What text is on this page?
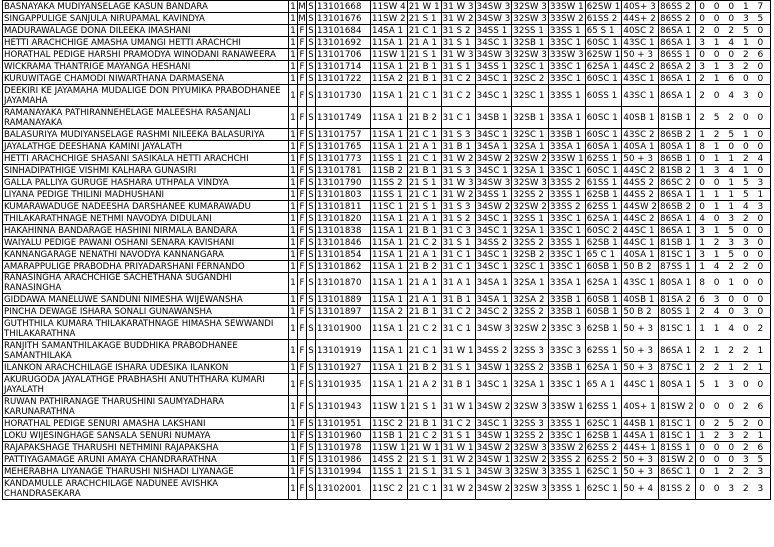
BASNAYAKA MUDIYANSELAGE KASUN BANDARA	1	M	S	13101668	11SW 4	21 W 1	31 W 3	34SW 3	32SW 3	33SW 1	62SW 1	40S+ 3	86SS 2	0 0 0 1 7
SINGAPPULIGE SANJULA NIRUPAMAL KAVINDYA	1	M	S	13101676	11SW 2	21 S 1	31 W 2	34SW 3	32SW 3	33SW 2	61SS 2	44S+ 2	86SS 2	0 0 0 3 5
MADURAWALAGE DONA DILEEKA IMASHANI	1	F	S	13101684	14SA 1	21 C 1	31 S 2	34SS 1	32SS 1	33SS 1	65 S 1	40SC 2	86SA 1	2 0 2 5 0
HETTI ARACHCHIGE AMASHA UMANGI HETTI ARACHCHI	1	F	S	13101692	11SA 1	21 A 1	31 S 1	34SC 1	32SB 1	33SC 1	60SC 1	43SC 1	86SA 1	3 1 4 1 0
HORATHAL PEDIGE HARSHI PRAMODYA WINODANI RANAWEERA	1	F	S	13101706	11SW 1	21 S 1	31 W 3	34SW 3	32SW 3	33SW 3	62SW 1	50 + 3	86SS 1	0 0 0 2 6
WICKRAMA THANTRIGE MAYANGA HESHANI	1	F	S	13101714	11SA 1	21 B 1	31 S 1	34SS 1	32SC 1	33SC 1	62SA 1	44SC 2	86SA 2	3 1 3 2 0
KURUWITAGE CHAMODI NIWARTHANA DARMASENA	1	F	S	13101722	11SA 2	21 B 1	31 C 2	34SC 1	32SC 2	33SC 1	60SC 1	43SC 1	86SA 1	2 1 6 0 0
DEEKIRI KE JAYAMAHA MUDALIGE DON PIYUMIKA PRABODHANEE JAYAMAHA	1	F	S	13101730	11SA 1	21 C 1	31 C 2	34SC 1	32SC 1	33SS 1	60SS 1	43SC 1	86SA 1	2 0 4 3 0
RAMANAYAKA PATHIRANNEHELAGE MALEESHA RASANJALI RAMANAYAKA	1	F	S	13101749	11SA 1	21 B 2	31 C 1	34SB 1	32SB 1	33SA 1	60SC 1	40SB 1	81SB 1	2 5 2 0 0
BALASURIYA MUDIYANSELAGE RASHMI NILEEKA BALASURIYA	1	F	S	13101757	11SA 1	21 C 1	31 S 3	34SC 1	32SC 1	33SB 1	60SC 1	43SC 2	86SB 2	1 2 5 1 0
JAYALATHGE DEESHANA KAMINI JAYALATH	1	F	S	13101765	11SA 1	21 A 1	31 B 1	34SA 1	32SA 1	33SA 1	60SA 1	40SA 1	80SA 1	8 1 0 0 0
HETTI ARACHCHIGE SHASANI SASIKALA HETTI ARACHCHI	1	F	S	13101773	11SS 1	21 C 1	31 W 2	34SW 2	32SW 2	33SW 1	62SS 1	50 + 3	86SB 1	0 1 1 2 4
SINHADIPATHIGE VISHMI KALHARA GUNASIRI	1	F	S	13101781	11SB 2	21 B 1	31 S 3	34SC 1	32SA 1	33SC 1	60SC 1	44SC 2	81SB 2	1 3 4 1 0
GALLA PALLIYA GURUGE HASHARA UTHPALA VINDYA	1	F	S	13101790	11SS 2	21 S 1	31 W 3	34SW 3	32SW 3	33SS 2	61SS 1	44SS 2	86SC 2	0 0 1 5 3
LIYANA PEDIGE THILINI MADHUSHANI	1	F	S	13101803	11SS 1	21 C 1	31 W 2	34SS 1	32SS 2	33SS 1	62SB 1	44SS 2	86SA 1	1 1 1 5 1
KUMARAWADUGE NADEESHA DARSHANEE KUMARAWADU	1	F	S	13101811	11SC 1	21 S 1	31 S 3	34SW 2	32SW 2	33SS 2	62SS 1	44SW 2	86SB 2	0 1 1 4 3
THILAKARATHNAGE NETHMI NAVODYA DIDULANI	1	F	S	13101820	11SA 1	21 A 1	31 S 2	34SC 1	32SS 1	33SC 1	62SA 1	44SC 2	86SA 1	4 0 3 2 0
HAKAHINNA BANDARAGE HASHINI NIRMALA BANDARA	1	F	S	13101838	11SA 1	21 B 1	31 C 3	34SC 1	32SA 1	33SC 1	60SC 2	44SC 1	86SA 1	3 1 5 0 0
WAIYALU PEDIGE PAWANI OSHANI SENARA KAVISHANI	1	F	S	13101846	11SA 1	21 C 2	31 S 1	34SS 2	32SS 2	33SS 1	62SB 1	44SC 1	81SB 1	1 2 3 3 0
KANNANGARAGE NENATHI NAVODYA KANNANGARA	1	F	S	13101854	11SA 1	21 A 1	31 C 1	34SC 1	32SB 2	33SC 1	65 C 1	40SA 1	81SC 1	3 1 5 0 0
AMARAPPULIGE PRABODHA PRIYADARSHANI FERNANDO	1	F	S	13101862	11SA 1	21 B 2	31 C 1	34SC 1	32SC 1	33SC 1	60SB 1	50 B 2	87SS 1	1 4 2 2 0
RANASINGHA ARACHCHIGE SACHETHANA SUGANDHI RANASINGHA	1	F	S	13101870	11SA 1	21 A 1	31 A 1	34SA 1	32SA 1	33SA 1	62SA 1	43SC 1	80SA 1	8 0 1 0 0
GIDDAWA MANELUWE SANDUNI NIMESHA WIJEWANSHA	1	F	S	13101889	11SA 1	21 A 1	31 B 1	34SA 1	32SA 2	33SB 1	60SB 1	40SB 1	81SA 2	6 3 0 0 0
PINCHA DEWAGE ISHARA SONALI GUNAWANSHA	1	F	S	13101897	11SA 2	21 B 1	31 C 2	34SC 2	32SS 2	33SB 1	60SB 1	50 B 2	80SS 1	2 4 0 3 0
GUTHTHILA KUMARA THILAKARATHNAGE HIMASHA SEWWANDI THILAKARATHNA	1	F	S	13101900	11SA 1	21 C 2	31 C 1	34SW 3	32SW 2	33SC 3	62SB 1	50 + 3	81SC 1	1 1 4 0 2
RANJITH SAMANTHILAKAGE BUDDHIKA PRABODHANEE SAMANTHILAKA	1	F	S	13101919	11SA 1	21 C 1	31 W 1	34SS 2	32SS 3	33SC 3	62SS 1	50 + 3	86SA 1	2 1 2 2 1
ILANKON ARACHCHILAGE ISHARA UDESIKA ILANKON	1	F	S	13101927	11SA 1	21 B 2	31 S 1	34SW 1	32SS 2	33SB 1	62SA 1	50 + 3	87SC 1	2 2 1 2 1
AKURUGODA JAYALATHGE PRABHASHI ANUTHTHARA KUMARI JAYALATH	1	F	S	13101935	11SA 1	21 A 2	31 B 1	34SC 1	32SA 1	33SC 1	65 A 1	44SC 1	80SA 1	5 1 3 0 0
RUWAN PATHIRANAGE THARUSHINI SAUMYADHARA KARUNARATHNA	1	F	S	13101943	11SW 1	21 S 1	31 W 1	34SW 2	32SW 3	33SW 1	62SS 1	40S+ 1	81SW 2	0 0 0 2 6
HORATHAL PEDIGE SENURI AMASHA LAKSHANI	1	F	S	13101951	11SC 2	21 B 1	31 C 2	34SC 1	32SS 3	33SS 1	62SC 1	44SB 1	81SC 1	0 2 5 2 0
LOKU WIJESINGHAGE SANSALA SENURI NUMAYA	1	F	S	13101960	11SB 1	21 C 2	31 S 1	34SW 1	32SS 2	33SC 1	62SB 1	44SA 1	81SC 1	1 2 3 2 1
RAJAPAKSHAGE THARUSHI NETHMINI RAJAPAKSHA	1	F	S	13101978	11SW 1	21 W 1	31 W 1	34SW 2	32SW 3	33SW 2	62SS 2	44S+ 1	81SS 1	0 0 0 2 6
PATTIYAGAMAGE ARUNI AMAYA CHANDRARATHNA	1	F	S	13101986	14SS 2	21 S 1	31 W 2	34SW 1	32SW 2	33SS 2	62SS 2	50 + 3	81SW 2	0 0 0 3 5
MEHERABHA LIYANAGE THARUSHI NISHADI LIYANAGE	1	F	S	13101994	11SS 1	21 S 1	31 S 1	34SW 3	32SW 3	33SS 1	62SC 1	50 + 3	86SC 1	0 1 2 2 3
KANDAMULLE ARACHCHILAGE NADUNEE AVISHKA CHANDRASEKARA	1	F	S	13102001	11SC 2	21 C 1	31 W 2	34SW 2	32SW 3	33SS 1	62SC 1	50 + 4	81SS 2	0 0 3 2 3
